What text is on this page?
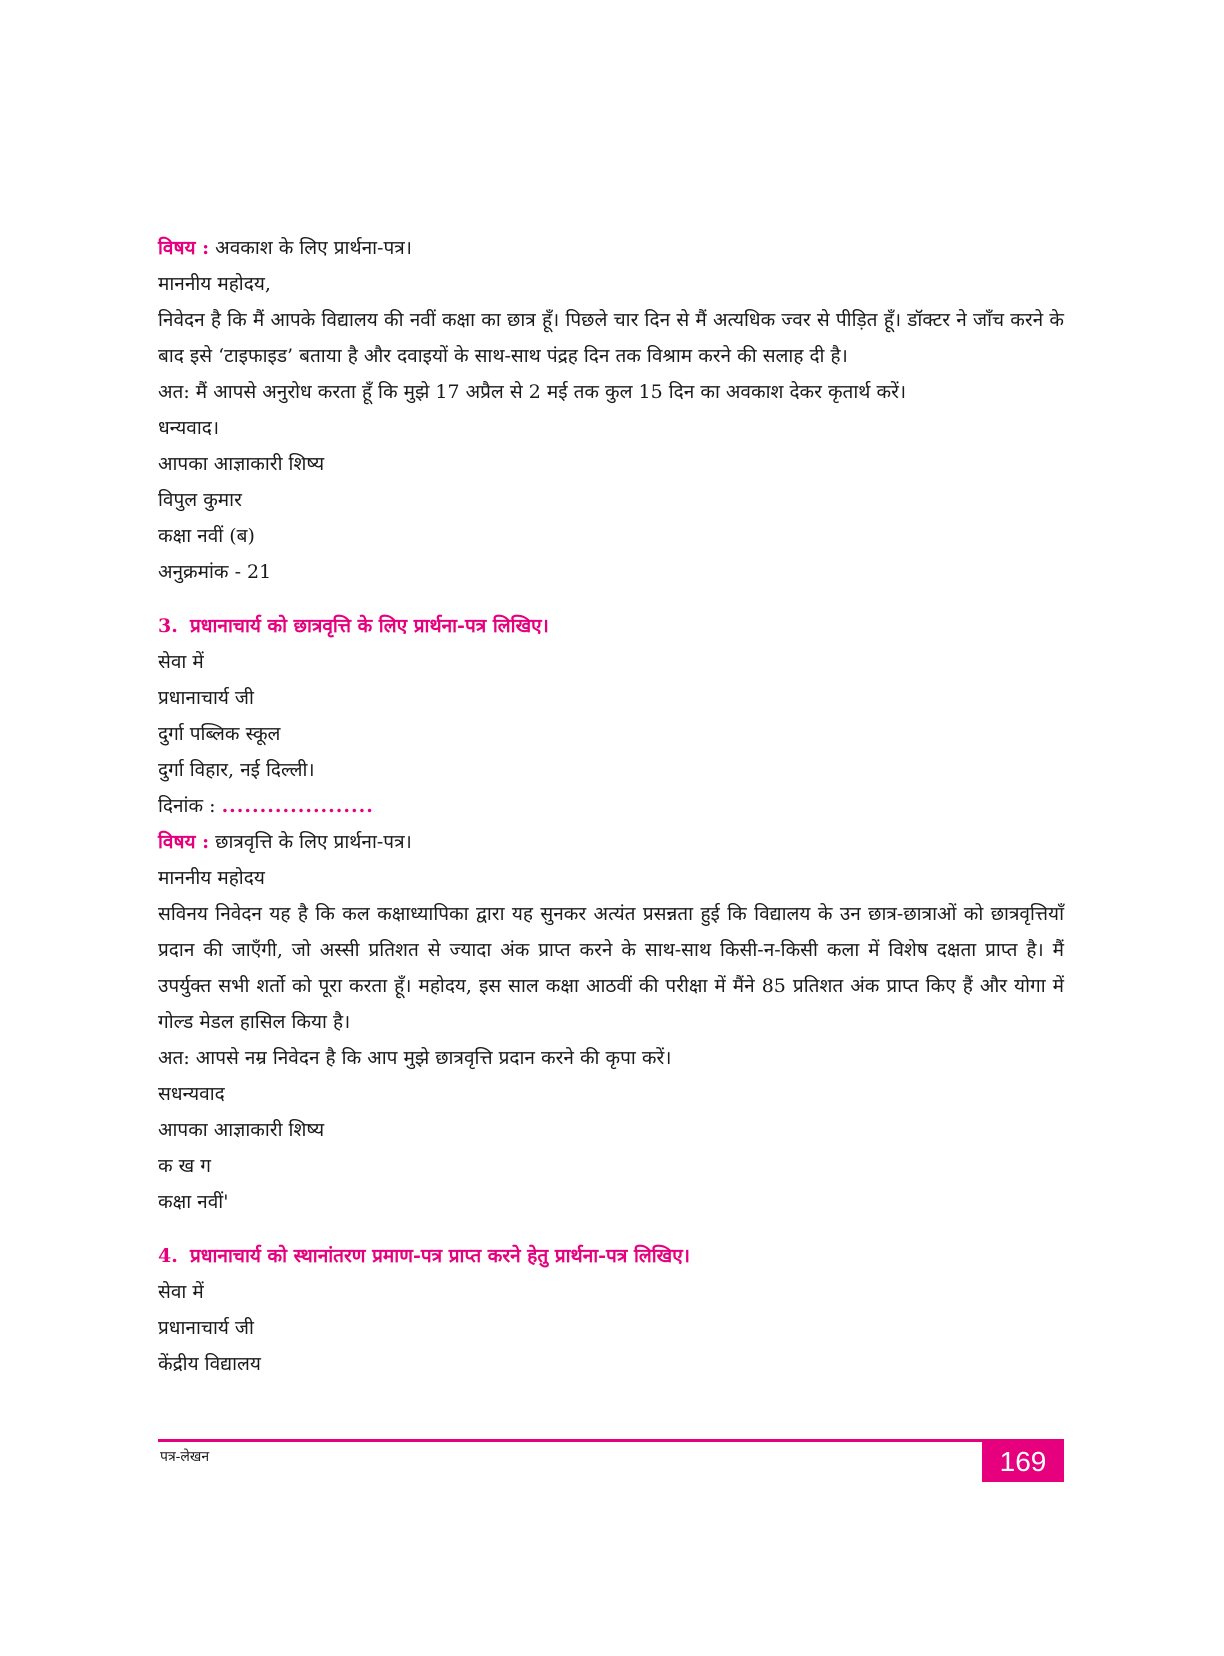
विषय : अवकाश के लिए प्रार्थना-पत्र।
माननीय महोदय,
निवेदन है कि मैं आपके विद्यालय की नवीं कक्षा का छात्र हूँ। पिछले चार दिन से मैं अत्यधिक ज्वर से पीड़ित हूँ। डॉक्टर ने जाँच करने के बाद इसे ‘टाइफाइड’ बताया है और दवाइयों के साथ-साथ पंद्रह दिन तक विश्राम करने की सलाह दी है।
अत: मैं आपसे अनुरोध करता हूँ कि मुझे 17 अप्रैल से 2 मई तक कुल 15 दिन का अवकाश देकर कृतार्थ करें।
धन्यवाद।
आपका आज्ञाकारी शिष्य
विपुल कुमार
कक्षा नवीं (ब)
अनुक्रमांक - 21
3. प्रधानाचार्य को छात्रवृत्ति के लिए प्रार्थना-पत्र लिखिए।
सेवा में
प्रधानाचार्य जी
दुर्गा पब्लिक स्कूल
दुर्गा विहार, नई दिल्ली।
दिनांक : ....................
विषय : छात्रवृत्ति के लिए प्रार्थना-पत्र।
माननीय महोदय
सविनय निवेदन यह है कि कल कक्षाध्यापिका द्वारा यह सुनकर अत्यंत प्रसन्नता हुई कि विद्यालय के उन छात्र-छात्राओं को छात्रवृत्तियाँ प्रदान की जाएँगी, जो अस्सी प्रतिशत से ज्यादा अंक प्राप्त करने के साथ-साथ किसी-न-किसी कला में विशेष दक्षता प्राप्त है। मैं उपर्युक्त सभी शर्तो को पूरा करता हूँ। महोदय, इस साल कक्षा आठवीं की परीक्षा में मैंने 85 प्रतिशत अंक प्राप्त किए हैं और योगा में गोल्ड मेडल हासिल किया है।
अत: आपसे नम्र निवेदन है कि आप मुझे छात्रवृत्ति प्रदान करने की कृपा करें।
सधन्यवाद
आपका आज्ञाकारी शिष्य
क ख ग
कक्षा नवीं'
4. प्रधानाचार्य को स्थानांतरण प्रमाण-पत्र प्राप्त करने हेतु प्रार्थना-पत्र लिखिए।
सेवा में
प्रधानाचार्य जी
केंद्रीय विद्यालय
पत्र-लेखन	169
